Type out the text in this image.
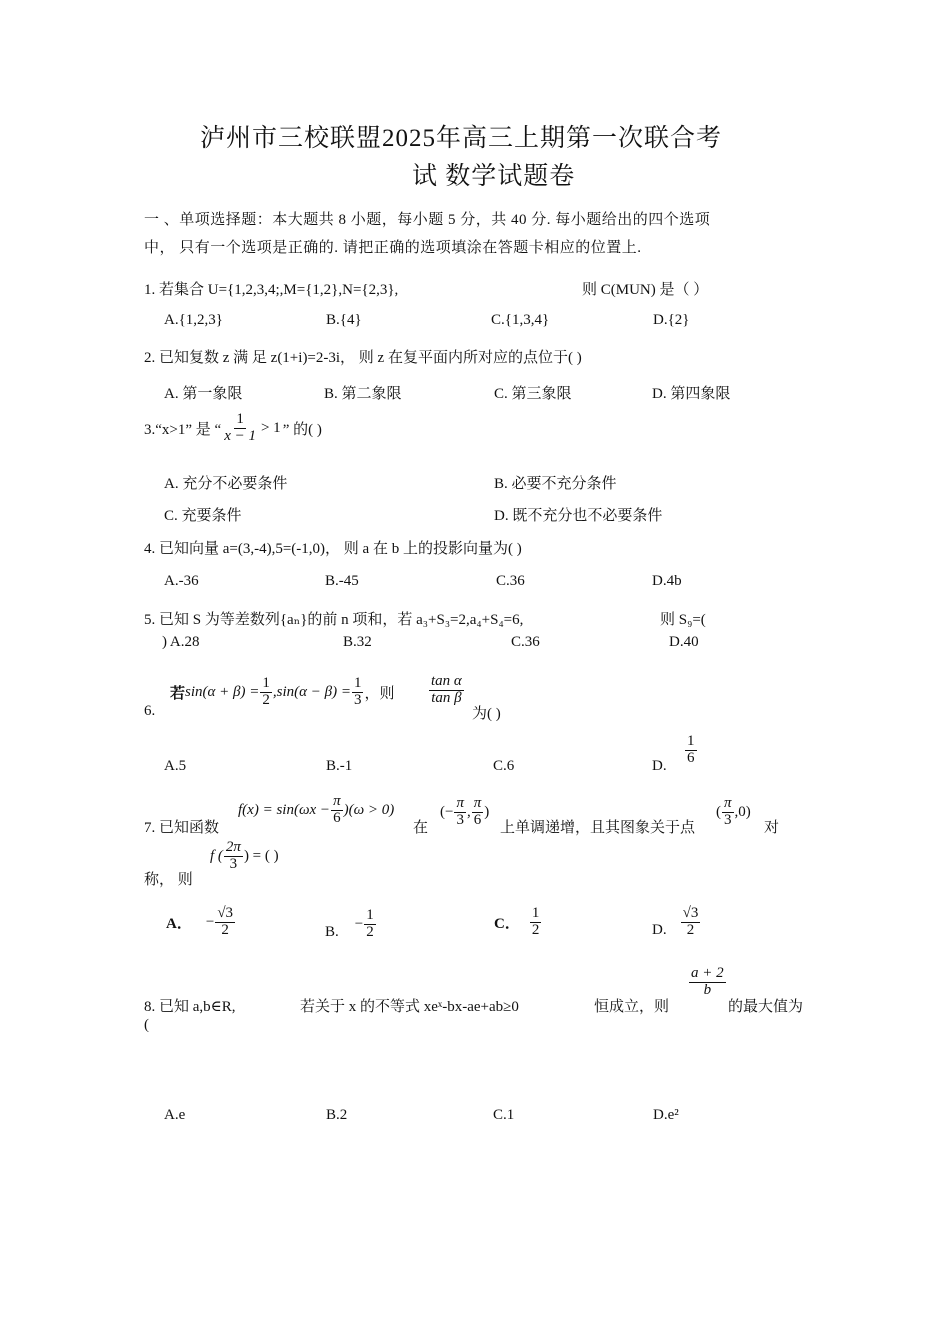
泸州市三校联盟2025年高三上期第一次联合考
试 数学试题卷
一 、单项选择题：本大题共 8 小题，每小题 5 分，共 40 分. 每小题给出的四个选项
中， 只有一个选项是正确的. 请把正确的选项填涂在答题卡相应的位置上.
1. 若集合 U={1,2,3,4;,M={1,2},N={2,3},	则 C(MUN) 是（ ）
A.{1,2,3}	B.{4}	C.{1,3,4}	D.{2}
2. 已知复数 z 满 足 z(1+i)=2-3i， 则 z 在复平面内所对应的点位于( )
A. 第一象限	B. 第二象限	C. 第三象限	D. 第四象限
3.“x>1” 是 “ $\frac{1}{x - 1} > 1$ ” 的( )
A. 充分不必要条件	B. 必要不充分条件
C. 充要条件	D. 既不充分也不必要条件
4. 已知向量 a=(3,-4),5=(-1,0)， 则 a 在 b 上的投影向量为( )
A.-36	B.-45	C.36	D.4b
5. 已知 S 为等差数列{aₙ}的前 n 项和，若 a₃+S₃=2,a₄+S₄=6,	则 S₉=(
) A.28	B.32	C.36	D.40
6.
若 $\sin(\alpha + \beta) = \frac{1}{2} ,\sin(\alpha - \beta) = \frac{1}{3}$ ，则 $\frac{\text{tan α}}{\text{tan β}}$
为( )
A.5	B.-1	C.6	D. $\frac{1}{6}$
7. 已知函数
$f(x) = \sin(\omega x - \frac{\pi}{6} )(\omega > 0)$
在
(− $\frac{\pi}{3}$ , $\frac{\pi}{6}$ )
上单调递增，且其图象关于点
( $\frac{\pi}{3} ,0$)
对
称， 则
f ( $\frac{2\pi}{3}$ ) = ( )
A． − $\frac{√3}{2}$	B. − $\frac{1}{2}$	C． $\frac{1}{2}$	D. $\frac{√3}{2}$
8. 已知 a,b∈R,	若关于 x 的不等式 xeˣ-bx-ae+ab≥0	恒成立，则
$\frac{a + 2}{b}$
的最大值为
(
A.e	B.2	C.1	D.e²
